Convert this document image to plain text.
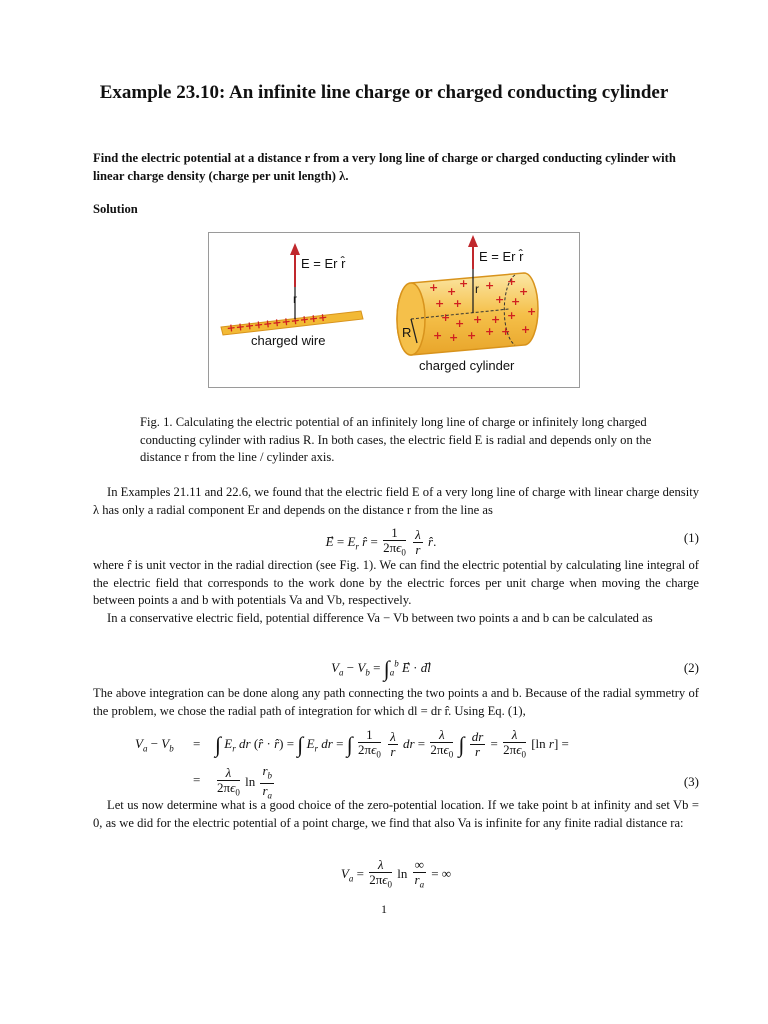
Example 23.10: An infinite line charge or charged conducting cylinder
Find the electric potential at a distance r from a very long line of charge or charged conducting cylinder with linear charge density (charge per unit length) λ.
Solution
+++++++++++
E = Er r̂
r
charged wire
R
+ +
+ + +
+
+ +	+ +
+ + + + + +
+ + + + + +
E = Er r̂
r
charged cylinder
Fig. 1. Calculating the electric potential of an infinitely long line of charge or infinitely long charged conducting cylinder with radius R. In both cases, the electric field E is radial and depends only on the distance r from the line / cylinder axis.
In Examples 21.11 and 22.6, we found that the electric field E of a very long line of charge with linear charge density λ has only a radial component Er and depends on the distance r from the line as
E⃗ = $E_r$ r̂ = $\frac{1}{2\pi\epsilon_0}$
$\frac{\lambda}{r}$ r̂.	(1)
where r̂ is unit vector in the radial direction (see Fig. 1). We can find the electric potential by calculating line integral of the electric field that corresponds to the work done by the electric forces per unit charge when moving the charge between points a and b with potentials Va and Vb, respectively.
In a conservative electric field, potential difference Va − Vb between two points a and b can be calculated as
$V_a - V_b = \int_a^b$ E⃗ · dl	(2)
The above integration can be done along any path connecting the two points a and b. Because of the radial symmetry of the problem, we chose the radial path of integration for which dl = dr r̂. Using Eq. (1),
$V_a - V_b$ = ∫ $E_r$ dr (r̂ · r̂) = ∫ $E_r$ dr = ∫ $\frac{1}{2\pi\epsilon_0}$
$\frac{\lambda}{r}$ dr = $\frac{\lambda}{2\pi\epsilon_0}$ ∫ $\frac{dr}{r} = \frac{\lambda}{2\pi\epsilon_0} [\ln$ r] =
= $\frac{\lambda}{2\pi\epsilon_0}$ $\ln \frac{r_b}{r_a}$	(3)
Let us now determine what is a good choice of the zero-potential location. If we take point b at infinity and set Vb = 0, as we did for the electric potential of a point charge, we find that also Va is infinite for any finite radial distance ra:
$V_a = \frac{\lambda}{2\pi\epsilon_0}$ $\ln \frac{\infty}{r_a}$ = ∞
1
